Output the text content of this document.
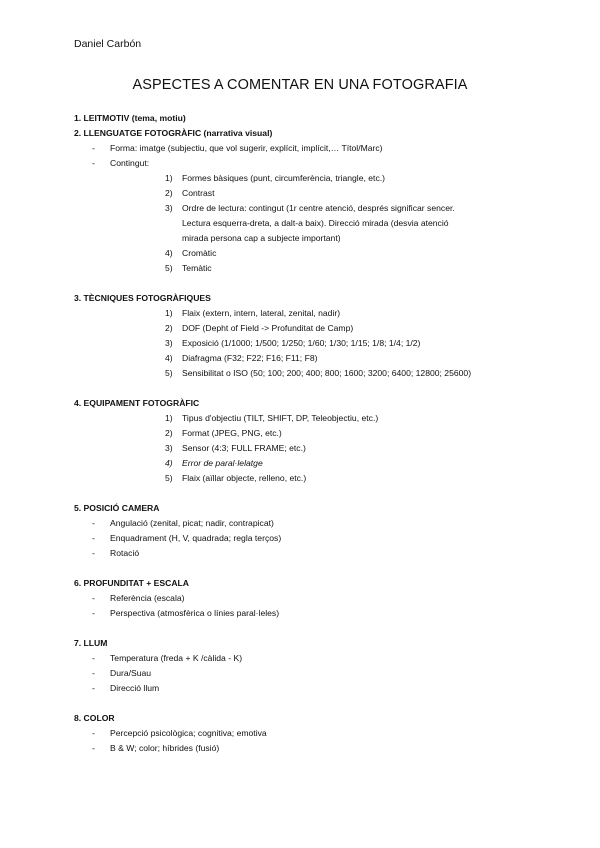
Daniel Carbón
ASPECTES A COMENTAR EN UNA FOTOGRAFIA
1. LEITMOTIV (tema, motiu)
2. LLENGUATGE FOTOGRÀFIC (narrativa visual)
- Forma: imatge (subjectiu, que vol sugerir, explícit, implícit,… Títol/Marc)
- Contingut:
1) Formes bàsiques (punt, circumferència, triangle, etc.)
2) Contrast
3) Ordre de lectura: contingut (1r centre atenció, després significar sencer.
Lectura esquerra-dreta, a dalt-a baix). Direcció mirada (desvia atenció
mirada persona cap a subjecte important)
4) Cromàtic
5) Temàtic
3. TÈCNIQUES FOTOGRÀFIQUES
1) Flaix (extern, intern, lateral, zenital, nadir)
2) DOF (Depht of Field -> Profunditat de Camp)
3) Exposició (1/1000; 1/500; 1/250; 1/60; 1/30; 1/15; 1/8; 1/4; 1/2)
4) Diafragma (F32; F22; F16; F11; F8)
5) Sensibilitat o ISO (50; 100; 200; 400; 800; 1600; 3200; 6400; 12800; 25600)
4. EQUIPAMENT FOTOGRÀFIC
1) Tipus d'objectiu (TILT, SHIFT, DP, Teleobjectiu, etc.)
2) Format (JPEG, PNG, etc.)
3) Sensor (4:3; FULL FRAME; etc.)
4) Error de paral·lelatge
5) Flaix (aïllar objecte, relleno, etc.)
5. POSICIÓ CAMERA
- Angulació (zenital, picat; nadir, contrapicat)
- Enquadrament (H, V, quadrada; regla terços)
- Rotació
6. PROFUNDITAT + ESCALA
- Referència (escala)
- Perspectiva (atmosfèrica o línies paral·leles)
7. LLUM
- Temperatura (freda + K /càlida - K)
- Dura/Suau
- Direcció llum
8. COLOR
- Percepció psicològica; cognitiva; emotiva
- B & W; color; híbrides (fusió)
